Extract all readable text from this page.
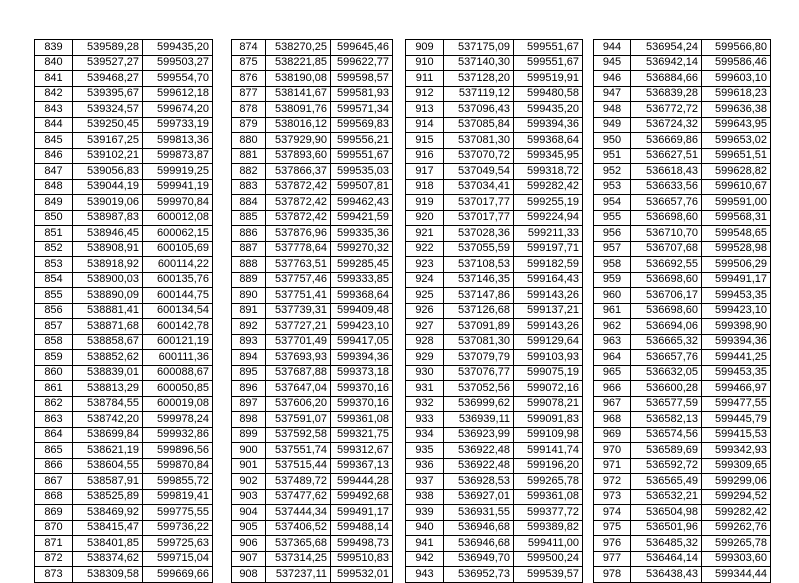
839	539589,28	599435,20
840	539527,27	599503,27
841	539468,27	599554,70
842	539395,67	599612,18
843	539324,57	599674,20
844	539250,45	599733,19
845	539167,25	599813,36
846	539102,21	599873,87
847	539056,83	599919,25
848	539044,19	599941,19
849	539019,06	599970,84
850	538987,83	600012,08
851	538946,45	600062,15
852	538908,91	600105,69
853	538918,92	600114,22
854	538900,03	600135,76
855	538890,09	600144,75
856	538881,41	600134,54
857	538871,68	600142,78
858	538858,67	600121,19
859	538852,62	600111,36
860	538839,01	600088,67
861	538813,29	600050,85
862	538784,55	600019,08
863	538742,20	599978,24
864	538699,84	599932,86
865	538621,19	599896,56
866	538604,55	599870,84
867	538587,91	599855,72
868	538525,89	599819,41
869	538469,92	599775,55
870	538415,47	599736,22
871	538401,85	599725,63
872	538374,62	599715,04
873	538309,58	599669,66
874	538270,25	599645,46
875	538221,85	599622,77
876	538190,08	599598,57
877	538141,67	599581,93
878	538091,76	599571,34
879	538016,12	599569,83
880	537929,90	599556,21
881	537893,60	599551,67
882	537866,37	599535,03
883	537872,42	599507,81
884	537872,42	599462,43
885	537872,42	599421,59
886	537876,96	599335,36
887	537778,64	599270,32
888	537763,51	599285,45
889	537757,46	599333,85
890	537751,41	599368,64
891	537739,31	599409,48
892	537727,21	599423,10
893	537701,49	599417,05
894	537693,93	599394,36
895	537687,88	599373,18
896	537647,04	599370,16
897	537606,20	599370,16
898	537591,07	599361,08
899	537592,58	599321,75
900	537551,74	599312,67
901	537515,44	599367,13
902	537489,72	599444,28
903	537477,62	599492,68
904	537444,34	599491,17
905	537406,52	599488,14
906	537365,68	599498,73
907	537314,25	599510,83
908	537237,11	599532,01
909	537175,09	599551,67
910	537140,30	599551,67
911	537128,20	599519,91
912	537119,12	599480,58
913	537096,43	599435,20
914	537085,84	599394,36
915	537081,30	599368,64
916	537070,72	599345,95
917	537049,54	599318,72
918	537034,41	599282,42
919	537017,77	599255,19
920	537017,77	599224,94
921	537028,36	599211,33
922	537055,59	599197,71
923	537108,53	599182,59
924	537146,35	599164,43
925	537147,86	599143,26
926	537126,68	599137,21
927	537091,89	599143,26
928	537081,30	599129,64
929	537079,79	599103,93
930	537076,77	599075,19
931	537052,56	599072,16
932	536999,62	599078,21
933	536939,11	599091,83
934	536923,99	599109,98
935	536922,48	599141,74
936	536922,48	599196,20
937	536928,53	599265,78
938	536927,01	599361,08
939	536931,55	599377,72
940	536946,68	599389,82
941	536946,68	599411,00
942	536949,70	599500,24
943	536952,73	599539,57
944	536954,24	599566,80
945	536942,14	599586,46
946	536884,66	599603,10
947	536839,28	599618,23
948	536772,72	599636,38
949	536724,32	599643,95
950	536669,86	599653,02
951	536627,51	599651,51
952	536618,43	599628,82
953	536633,56	599610,67
954	536657,76	599591,00
955	536698,60	599568,31
956	536710,70	599548,65
957	536707,68	599528,98
958	536692,55	599506,29
959	536698,60	599491,17
960	536706,17	599453,35
961	536698,60	599423,10
962	536694,06	599398,90
963	536665,32	599394,36
964	536657,76	599441,25
965	536632,05	599453,35
966	536600,28	599466,97
967	536577,59	599477,55
968	536582,13	599445,79
969	536574,56	599415,53
970	536589,69	599342,93
971	536592,72	599309,65
972	536565,49	599299,06
973	536532,21	599294,52
974	536504,98	599282,42
975	536501,96	599262,76
976	536485,32	599265,78
977	536464,14	599303,60
978	536438,43	599344,44
